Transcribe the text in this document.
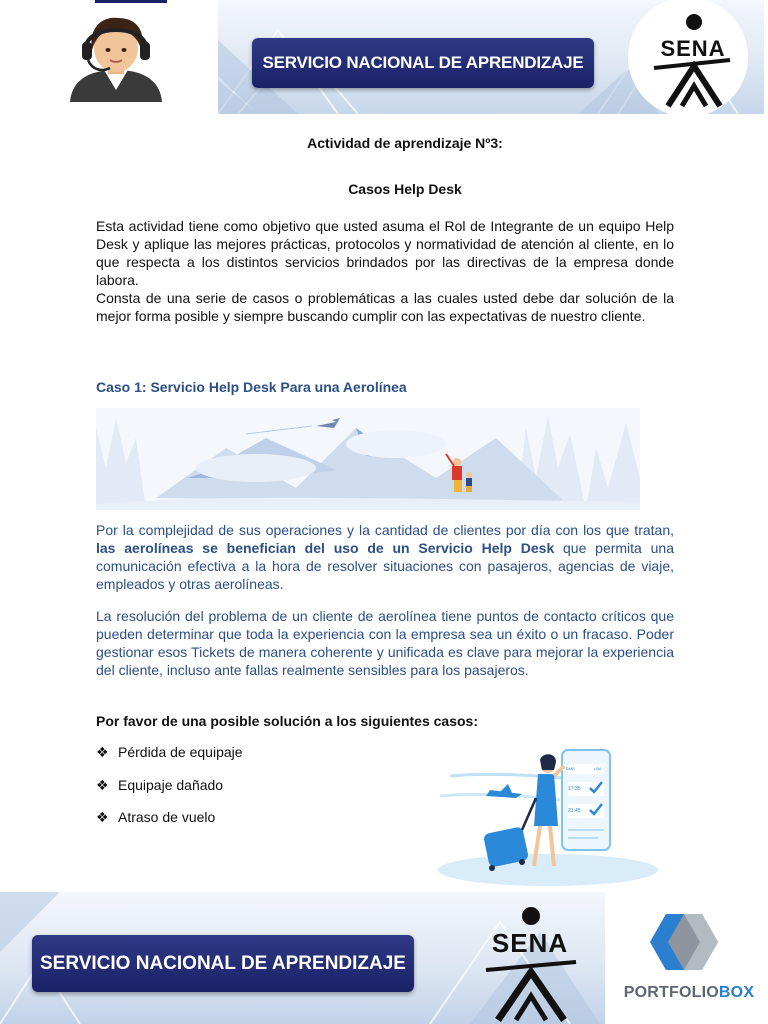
SERVICIO NACIONAL DE APRENDIZAJE
SENA
Actividad de aprendizaje Nº3:
Casos Help Desk
Esta actividad tiene como objetivo que usted asuma el Rol de Integrante de un equipo Help Desk y aplique las mejores prácticas, protocolos y normatividad de atención al cliente, en lo que respecta a los distintos servicios brindados por las directivas de la empresa donde labora.
Consta de una serie de casos o problemáticas a las cuales usted debe dar solución de la mejor forma posible y siempre buscando cumplir con las expectativas de nuestro cliente.
Caso 1: Servicio Help Desk Para una Aerolínea
Por la complejidad de sus operaciones y la cantidad de clientes por día con los que tratan, las aerolíneas se benefician del uso de un Servicio Help Desk que permita una comunicación efectiva a la hora de resolver situaciones con pasajeros, agencias de viaje, empleados y otras aerolíneas.
La resolución del problema de un cliente de aerolínea tiene puntos de contacto críticos que pueden determinar que toda la experiencia con la empresa sea un éxito o un fracaso. Poder gestionar esos Tickets de manera coherente y unificada es clave para mejorar la experiencia del cliente, incluso ante fallas realmente sensibles para los pasajeros.
Por favor de una posible solución a los siguientes casos:
❖ Pérdida de equipaje
❖ Equipaje dañado
❖ Atraso de vuelo
DME	LBA
17:35
21:45
SERVICIO NACIONAL DE APRENDIZAJE
SENA
PORTFOLIOBOX
